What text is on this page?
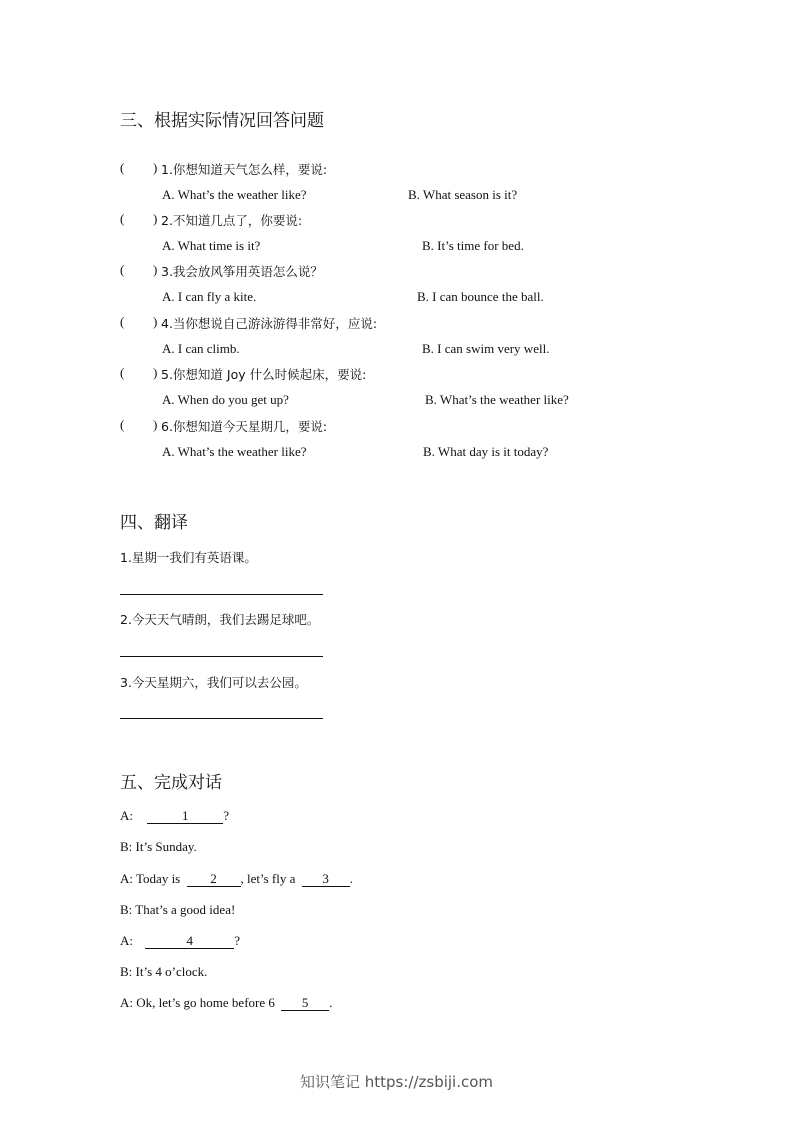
三、根据实际情况回答问题
( ) 1.你想知道天气怎么样，要说:
A. What’s the weather like?	B. What season is it?
( ) 2.不知道几点了，你要说:
A. What time is it?	B. It’s time for bed.
( ) 3.我会放风筝用英语怎么说？
A. I can fly a kite.	B. I can bounce the ball.
( ) 4.当你想说自己游泳游得非常好，应说:
A. I can climb.	B. I can swim very well.
( ) 5.你想知道 Joy 什么时候起床，要说:
A. When do you get up?	B. What’s the weather like?
( ) 6.你想知道今天星期几，要说:
A. What’s the weather like?	B. What day is it today?
四、翻译
1.星期一我们有英语课。
2.今天天气晴朗，我们去踢足球吧。
3.今天星期六，我们可以去公园。
五、完成对话
A:	1	?
B: It’s Sunday.
A: Today is 2 , let’s fly a 3 .
B: That’s a good idea!
A:	4	?
B: It’s 4 o’clock.
A: Ok, let’s go home before 6 5 .
知识笔记 https://zsbiji.com
